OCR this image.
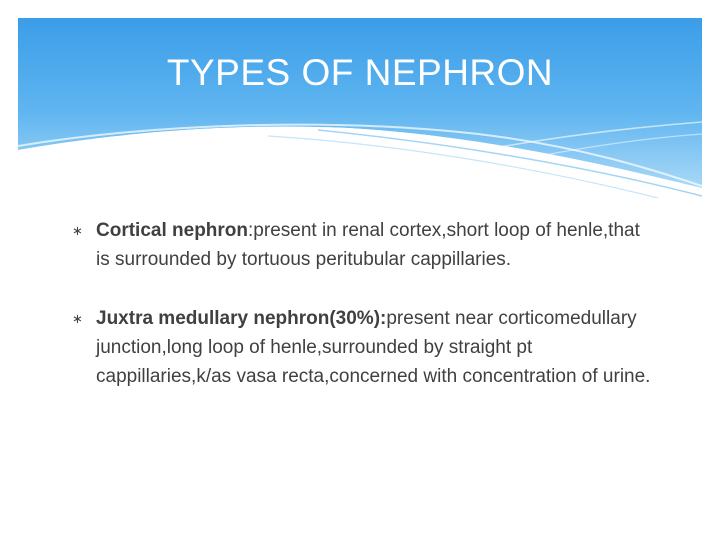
TYPES OF NEPHRON
∗ Cortical nephron:present in renal cortex,short loop of henle,that is surrounded by tortuous peritubular cappillaries.
∗ Juxtra medullary nephron(30%):present near corticomedullary junction,long loop of henle,surrounded by straight pt cappillaries,k/as vasa recta,concerned with concentration of urine.
